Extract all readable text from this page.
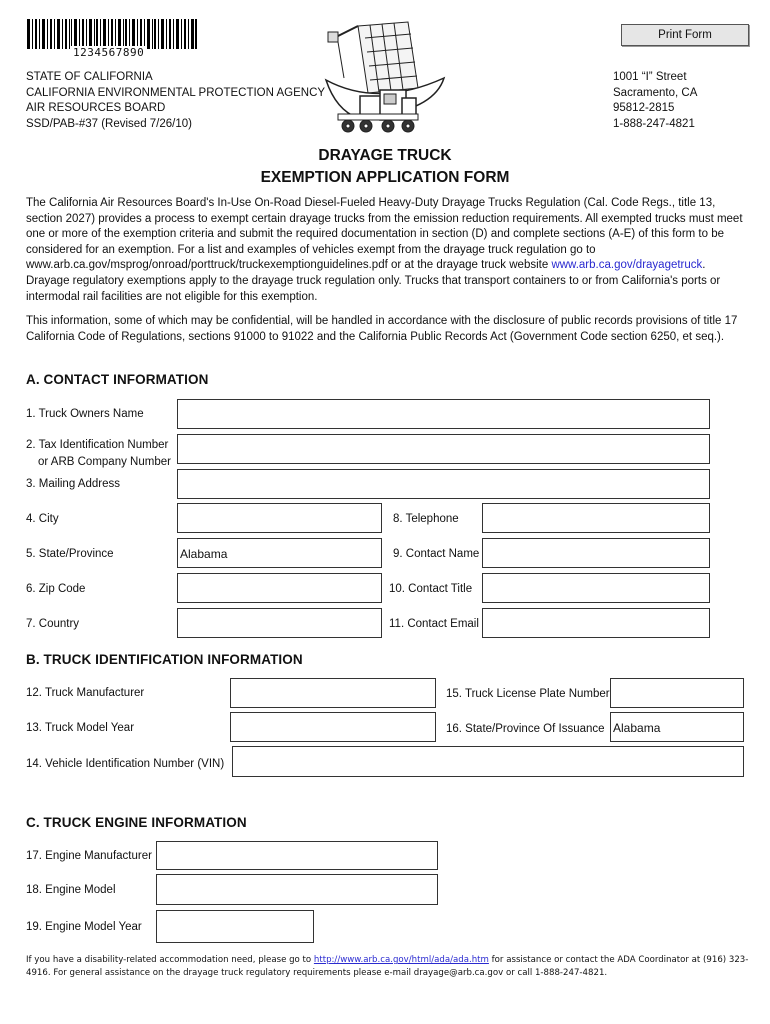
1234567890
Print Form
STATE OF CALIFORNIA
CALIFORNIA ENVIRONMENTAL PROTECTION AGENCY
AIR RESOURCES BOARD
SSD/PAB-#37 (Revised 7/26/10)
1001 “I” Street
Sacramento, CA
95812-2815
1-888-247-4821
DRAYAGE TRUCK
EXEMPTION APPLICATION FORM
The California Air Resources Board's In-Use On-Road Diesel-Fueled Heavy-Duty Drayage Trucks Regulation (Cal. Code Regs., title 13, section 2027) provides a process to exempt certain drayage trucks from the emission reduction requirements. All exempted trucks must meet one or more of the exemption criteria and submit the required documentation in section (D) and complete sections (A-E) of this form to be considered for an exemption. For a list and examples of vehicles exempt from the drayage truck regulation go to www.arb.ca.gov/msprog/onroad/porttruck/truckexemptionguidelines.pdf or at the drayage truck website www.arb.ca.gov/drayagetruck. Drayage regulatory exemptions apply to the drayage truck regulation only. Trucks that transport containers to or from California's ports or intermodal rail facilities are not eligible for this exemption.
This information, some of which may be confidential, will be handled in accordance with the disclosure of public records provisions of title 17 California Code of Regulations, sections 91000 to 91022 and the California Public Records Act (Government Code section 6250, et seq.).
A. CONTACT INFORMATION
1. Truck Owners Name
2. Tax Identification Number
or ARB Company Number
3. Mailing Address
4. City	8. Telephone
5. State/Province	Alabama	9. Contact Name
6. Zip Code	10. Contact Title
7. Country	11. Contact Email
B. TRUCK IDENTIFICATION INFORMATION
12. Truck Manufacturer	15. Truck License Plate Number
13. Truck Model Year	16. State/Province Of Issuance Alabama
14. Vehicle Identification Number (VIN)
C. TRUCK ENGINE INFORMATION
17. Engine Manufacturer
18. Engine Model
19. Engine Model Year
If you have a disability-related accommodation need, please go to http://www.arb.ca.gov/html/ada/ada.htm for assistance or contact the ADA Coordinator at (916) 323-4916. For general assistance on the drayage truck regulatory requirements please e-mail drayage@arb.ca.gov or call 1-888-247-4821.
